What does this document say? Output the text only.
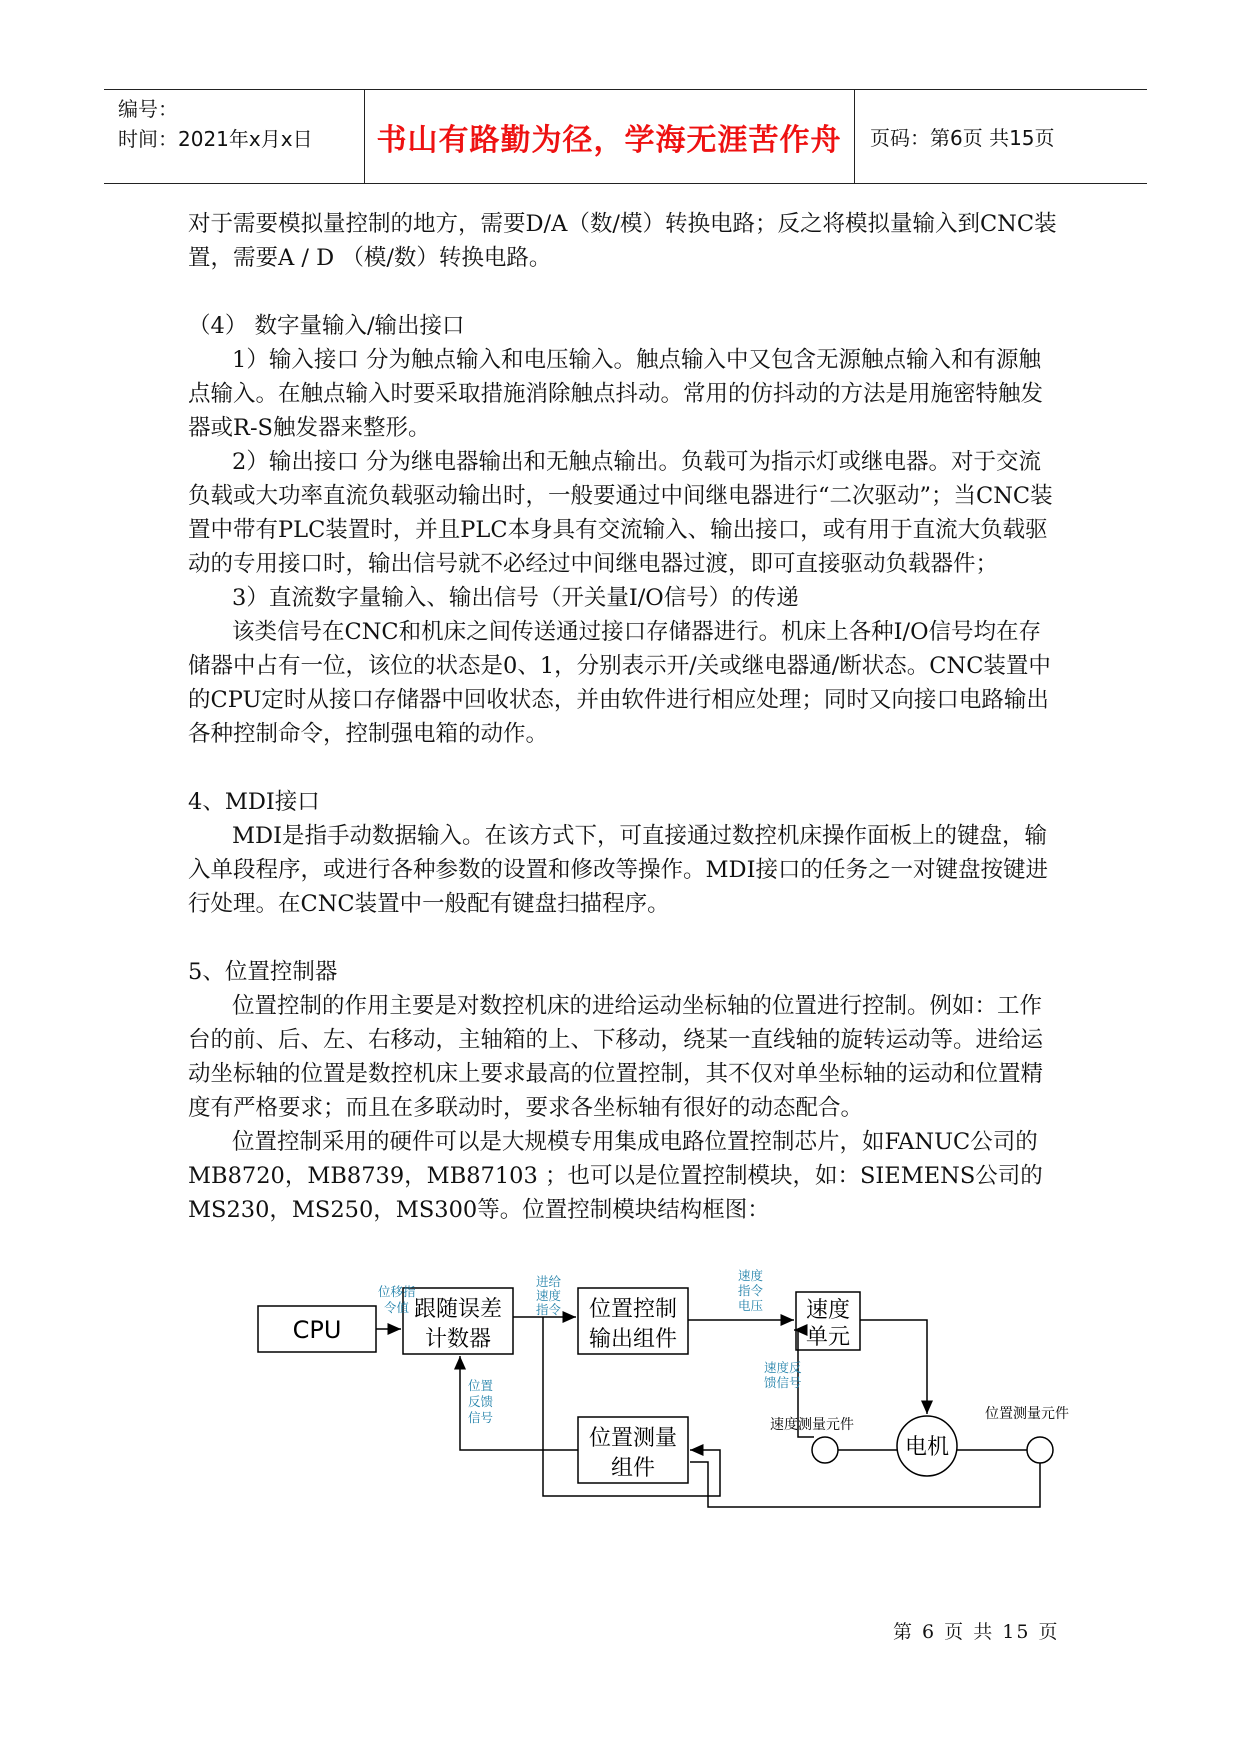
编号：
时间：2021年x月x日	书山有路勤为径，学海无涯苦作舟	页码：第6页 共15页

对于需要模拟量控制的地方，需要D/A（数/模）转换电路；反之将模拟量输入到CNC装置，需要A / D （模/数）转换电路。

（4） 数字量输入/输出接口

1）输入接口 分为触点输入和电压输入。触点输入中又包含无源触点输入和有源触点输入。在触点输入时要采取措施消除触点抖动。常用的仿抖动的方法是用施密特触发器或R-S触发器来整形。

2）输出接口 分为继电器输出和无触点输出。负载可为指示灯或继电器。对于交流负载或大功率直流负载驱动输出时，一般要通过中间继电器进行“二次驱动”；当CNC装置中带有PLC装置时，并且PLC本身具有交流输入、输出接口，或有用于直流大负载驱动的专用接口时，输出信号就不必经过中间继电器过渡，即可直接驱动负载器件；

3）直流数字量输入、输出信号（开关量I/O信号）的传递

该类信号在CNC和机床之间传送通过接口存储器进行。机床上各种I/O信号均在存储器中占有一位，该位的状态是0、1，分别表示开/关或继电器通/断状态。CNC装置中的CPU定时从接口存储器中回收状态，并由软件进行相应处理；同时又向接口电路输出各种控制命令，控制强电箱的动作。

4、MDI接口

MDI是指手动数据输入。在该方式下，可直接通过数控机床操作面板上的键盘，输入单段程序，或进行各种参数的设置和修改等操作。MDI接口的任务之一对键盘按键进行处理。在CNC装置中一般配有键盘扫描程序。

5、位置控制器

位置控制的作用主要是对数控机床的进给运动坐标轴的位置进行控制。例如：工作台的前、后、左、右移动，主轴箱的上、下移动，绕某一直线轴的旋转运动等。进给运动坐标轴的位置是数控机床上要求最高的位置控制，其不仅对单坐标轴的运动和位置精度有严格要求；而且在多联动时，要求各坐标轴有很好的动态配合。

位置控制采用的硬件可以是大规模专用集成电路位置控制芯片，如FANUC公司的MB8720，MB8739，MB87103 ；也可以是位置控制模块，如：SIEMENS公司的MS230，MS250，MS300等。位置控制模块结构框图：

CPU
跟随误差
计数器
位置控制
输出组件
速度
单元
位置测量
组件
电机
位移指
令值
进给
速度
指令
速度
指令
电压
速度反
馈信号
位置
反馈
信号	速度测量元件
位置测量元件
第 6 页 共 15 页
